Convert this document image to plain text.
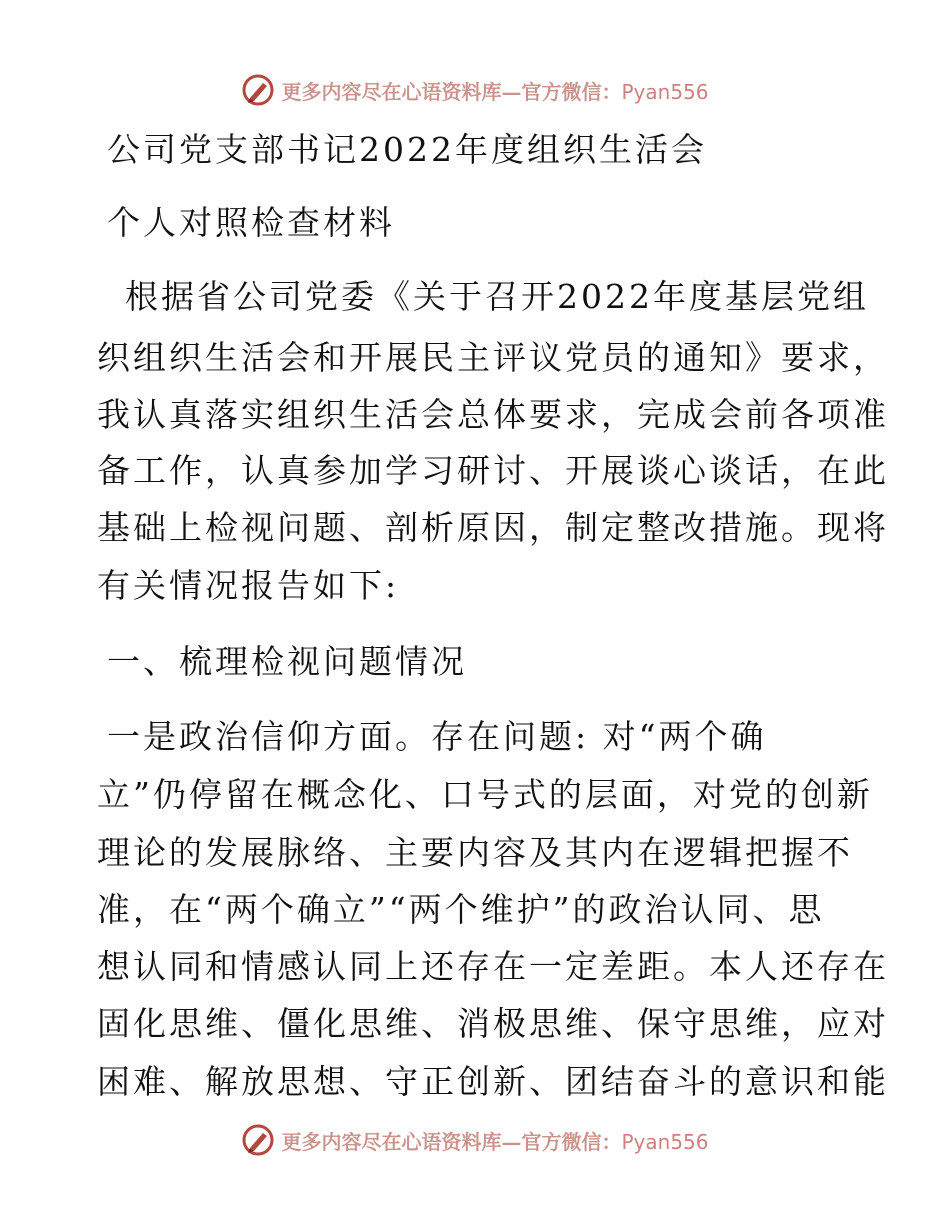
更多内容尽在心语资料库—官方微信：Pyan556
公司党支部书记2022年度组织生活会
个人对照检查材料
根据省公司党委《关于召开2022年度基层党组
织组织生活会和开展民主评议党员的通知》要求，
我认真落实组织生活会总体要求，完成会前各项准
备工作，认真参加学习研讨、开展谈心谈话，在此
基础上检视问题、剖析原因，制定整改措施。现将
有关情况报告如下:
一、梳理检视问题情况
一是政治信仰方面。存在问题: 对“两个确
立”仍停留在概念化、口号式的层面，对党的创新
理论的发展脉络、主要内容及其内在逻辑把握不
准，在“两个确立”“两个维护”的政治认同、思
想认同和情感认同上还存在一定差距。本人还存在
固化思维、僵化思维、消极思维、保守思维，应对
困难、解放思想、守正创新、团结奋斗的意识和能
更多内容尽在心语资料库—官方微信：Pyan556
